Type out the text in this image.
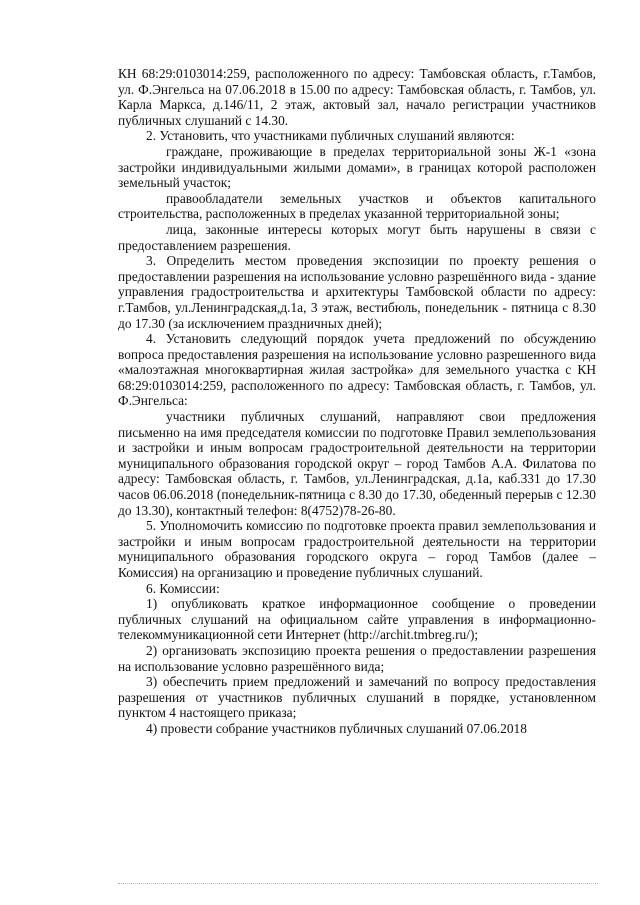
КН 68:29:0103014:259, расположенного по адресу: Тамбовская область, г.Тамбов, ул. Ф.Энгельса на 07.06.2018 в 15.00 по адресу: Тамбовская область, г. Тамбов, ул. Карла Маркса, д.146/11, 2 этаж, актовый зал, начало регистрации участников публичных слушаний с 14.30.

2. Установить, что участниками публичных слушаний являются:

граждане, проживающие в пределах территориальной зоны Ж-1 «зона застройки индивидуальными жилыми домами», в границах которой расположен земельный участок;

правообладатели земельных участков и объектов капитального строительства, расположенных в пределах указанной территориальной зоны;

лица, законные интересы которых могут быть нарушены в связи с предоставлением разрешения.

3. Определить местом проведения экспозиции по проекту решения о предоставлении разрешения на использование условно разрешённого вида - здание управления градостроительства и архитектуры Тамбовской области по адресу: г.Тамбов, ул.Ленинградская,д.1а, 3 этаж, вестибюль, понедельник - пятница с 8.30 до 17.30 (за исключением праздничных дней);

4. Установить следующий порядок учета предложений по обсуждению вопроса предоставления разрешения на использование условно разрешенного вида «малоэтажная многоквартирная жилая застройка» для земельного участка с КН 68:29:0103014:259, расположенного по адресу: Тамбовская область, г. Тамбов, ул. Ф.Энгельса:

участники публичных слушаний, направляют свои предложения письменно на имя председателя комиссии по подготовке Правил землепользования и застройки и иным вопросам градостроительной деятельности на территории муниципального образования городской округ – город Тамбов А.А. Филатова по адресу: Тамбовская область, г. Тамбов, ул.Ленинградская, д.1а, каб.331 до 17.30 часов 06.06.2018 (понедельник-пятница с 8.30 до 17.30, обеденный перерыв с 12.30 до 13.30), контактный телефон: 8(4752)78-26-80.

5. Уполномочить комиссию по подготовке проекта правил землепользования и застройки и иным вопросам градостроительной деятельности на территории муниципального образования городского округа – город Тамбов (далее – Комиссия) на организацию и проведение публичных слушаний.

6. Комиссии:

1) опубликовать краткое информационное сообщение о проведении публичных слушаний на официальном сайте управления в информационно-телекоммуникационной сети Интернет (http://archit.tmbreg.ru/);

2) организовать экспозицию проекта решения о предоставлении разрешения на использование условно разрешённого вида;

3) обеспечить прием предложений и замечаний по вопросу предоставления разрешения от участников публичных слушаний в порядке, установленном пунктом 4 настоящего приказа;

4) провести собрание участников публичных слушаний 07.06.2018
